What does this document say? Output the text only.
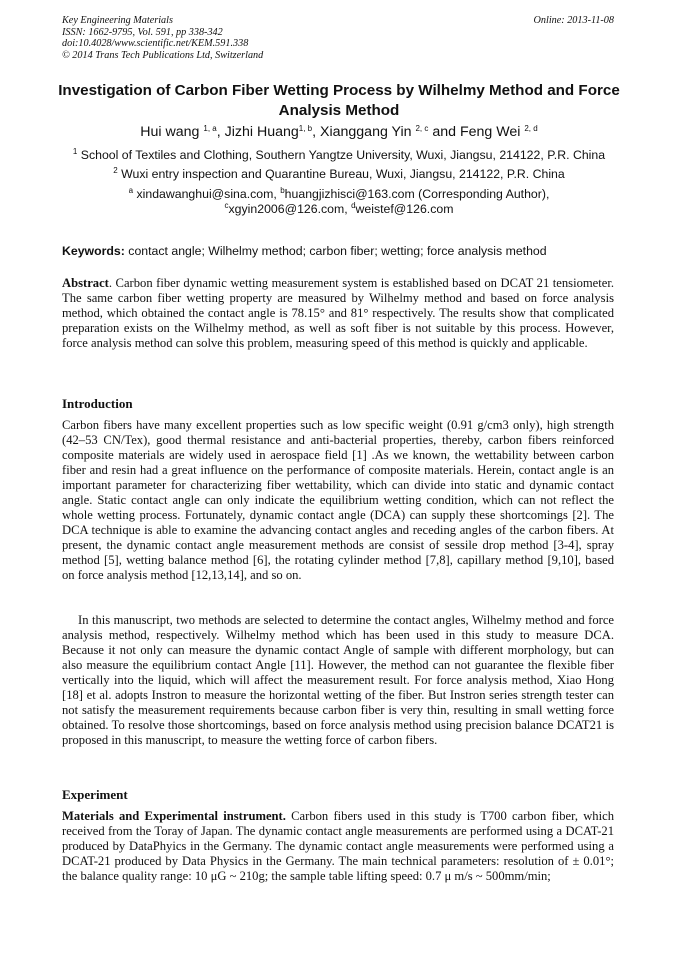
Key Engineering Materials
ISSN: 1662-9795, Vol. 591, pp 338-342
doi:10.4028/www.scientific.net/KEM.591.338
© 2014 Trans Tech Publications Ltd, Switzerland
Online: 2013-11-08
Investigation of Carbon Fiber Wetting Process by Wilhelmy Method and Force Analysis Method
Hui wang $^{1, a}$, Jizhi Huang$^{1, b}$, Xianggang Yin $^{2, c}$ and Feng Wei $^{2, d}$
$^1$ School of Textiles and Clothing, Southern Yangtze University, Wuxi, Jiangsu, 214122, P.R. China
$^2$ Wuxi entry inspection and Quarantine Bureau, Wuxi, Jiangsu, 214122, P.R. China
$^a$ xindawanghui@sina.com, $^b$huangjizhisci@163.com (Corresponding Author),
$^c$xgyin2006@126.com, $^d$weistef@126.com
Keywords: contact angle; Wilhelmy method; carbon fiber; wetting; force analysis method
Abstract. Carbon fiber dynamic wetting measurement system is established based on DCAT 21 tensiometer. The same carbon fiber wetting property are measured by Wilhelmy method and based on force analysis method, which obtained the contact angle is 78.15° and 81° respectively. The results show that complicated preparation exists on the Wilhelmy method, as well as soft fiber is not suitable by this process. However, force analysis method can solve this problem, measuring speed of this method is quickly and applicable.
Introduction
Carbon fibers have many excellent properties such as low specific weight (0.91 g/cm3 only), high strength (42–53 CN/Tex), good thermal resistance and anti-bacterial properties, thereby, carbon fibers reinforced composite materials are widely used in aerospace field [1] .As we known, the wettability between carbon fiber and resin had a great influence on the performance of composite materials. Herein, contact angle is an important parameter for characterizing fiber wettability, which can divide into static and dynamic contact angle. Static contact angle can only indicate the equilibrium wetting condition, which can not reflect the whole wetting process. Fortunately, dynamic contact angle (DCA) can supply these shortcomings [2]. The DCA technique is able to examine the advancing contact angles and receding angles of the carbon fibers. At present, the dynamic contact angle measurement methods are consist of sessile drop method [3-4], spray method [5], wetting balance method [6], the rotating cylinder method [7,8], capillary method [9,10], based on force analysis method [12,13,14], and so on.
In this manuscript, two methods are selected to determine the contact angles, Wilhelmy method and force analysis method, respectively. Wilhelmy method which has been used in this study to measure DCA. Because it not only can measure the dynamic contact Angle of sample with different morphology, but can also measure the equilibrium contact Angle [11]. However, the method can not guarantee the flexible fiber vertically into the liquid, which will affect the measurement result. For force analysis method, Xiao Hong [18] et al. adopts Instron to measure the horizontal wetting of the fiber. But Instron series strength tester can not satisfy the measurement requirements because carbon fiber is very thin, resulting in small wetting force obtained. To resolve those shortcomings, based on force analysis method using precision balance DCAT21 is proposed in this manuscript, to measure the wetting force of carbon fibers.
Experiment
Materials and Experimental instrument. Carbon fibers used in this study is T700 carbon fiber, which received from the Toray of Japan. The dynamic contact angle measurements are performed using a DCAT-21 produced by DataPhyics in the Germany. The dynamic contact angle measurements were performed using a DCAT-21 produced by Data Physics in the Germany. The main technical parameters: resolution of ± 0.01°; the balance quality range: 10 μG ~ 210g; the sample table lifting speed: 0.7 μ m/s ~ 500mm/min;
